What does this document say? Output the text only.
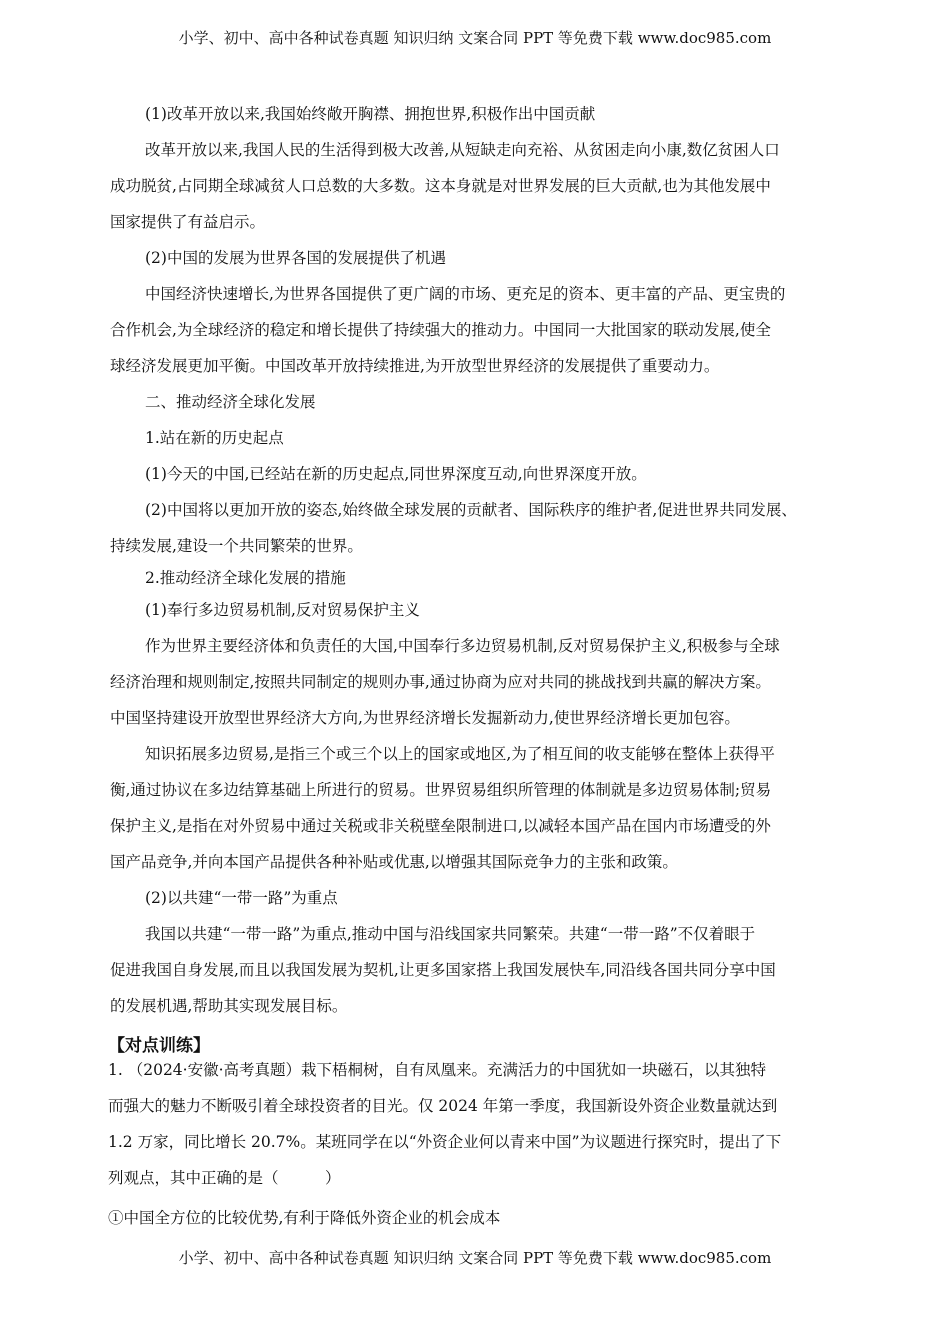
小学、初中、高中各种试卷真题 知识归纳 文案合同 PPT 等免费下载 www.doc985.com
(1)改革开放以来,我国始终敞开胸襟、拥抱世界,积极作出中国贡献
改革开放以来,我国人民的生活得到极大改善,从短缺走向充裕、从贫困走向小康,数亿贫困人口
成功脱贫,占同期全球减贫人口总数的大多数。这本身就是对世界发展的巨大贡献,也为其他发展中
国家提供了有益启示。
(2)中国的发展为世界各国的发展提供了机遇
中国经济快速增长,为世界各国提供了更广阔的市场、更充足的资本、更丰富的产品、更宝贵的
合作机会,为全球经济的稳定和增长提供了持续强大的推动力。中国同一大批国家的联动发展,使全
球经济发展更加平衡。中国改革开放持续推进,为开放型世界经济的发展提供了重要动力。
二、推动经济全球化发展
1.站在新的历史起点
(1)今天的中国,已经站在新的历史起点,同世界深度互动,向世界深度开放。
(2)中国将以更加开放的姿态,始终做全球发展的贡献者、国际秩序的维护者,促进世界共同发展、
持续发展,建设一个共同繁荣的世界。
2.推动经济全球化发展的措施
(1)奉行多边贸易机制,反对贸易保护主义
作为世界主要经济体和负责任的大国,中国奉行多边贸易机制,反对贸易保护主义,积极参与全球
经济治理和规则制定,按照共同制定的规则办事,通过协商为应对共同的挑战找到共赢的解决方案。
中国坚持建设开放型世界经济大方向,为世界经济增长发掘新动力,使世界经济增长更加包容。
知识拓展多边贸易,是指三个或三个以上的国家或地区,为了相互间的收支能够在整体上获得平
衡,通过协议在多边结算基础上所进行的贸易。世界贸易组织所管理的体制就是多边贸易体制;贸易
保护主义,是指在对外贸易中通过关税或非关税壁垒限制进口,以减轻本国产品在国内市场遭受的外
国产品竞争,并向本国产品提供各种补贴或优惠,以增强其国际竞争力的主张和政策。
(2)以共建“一带一路”为重点
我国以共建“一带一路”为重点,推动中国与沿线国家共同繁荣。共建“一带一路”不仅着眼于
促进我国自身发展,而且以我国发展为契机,让更多国家搭上我国发展快车,同沿线各国共同分享中国
的发展机遇,帮助其实现发展目标。
【对点训练】
1. （2024·安徽·高考真题）栽下梧桐树，自有凤凰来。充满活力的中国犹如一块磁石，以其独特
而强大的魅力不断吸引着全球投资者的目光。仅 2024 年第一季度，我国新设外资企业数量就达到
1.2 万家，同比增长 20.7%。某班同学在以“外资企业何以青来中国”为议题进行探究时，提出了下
列观点，其中正确的是（　　　）
①中国全方位的比较优势,有利于降低外资企业的机会成本
小学、初中、高中各种试卷真题 知识归纳 文案合同 PPT 等免费下载 www.doc985.com
